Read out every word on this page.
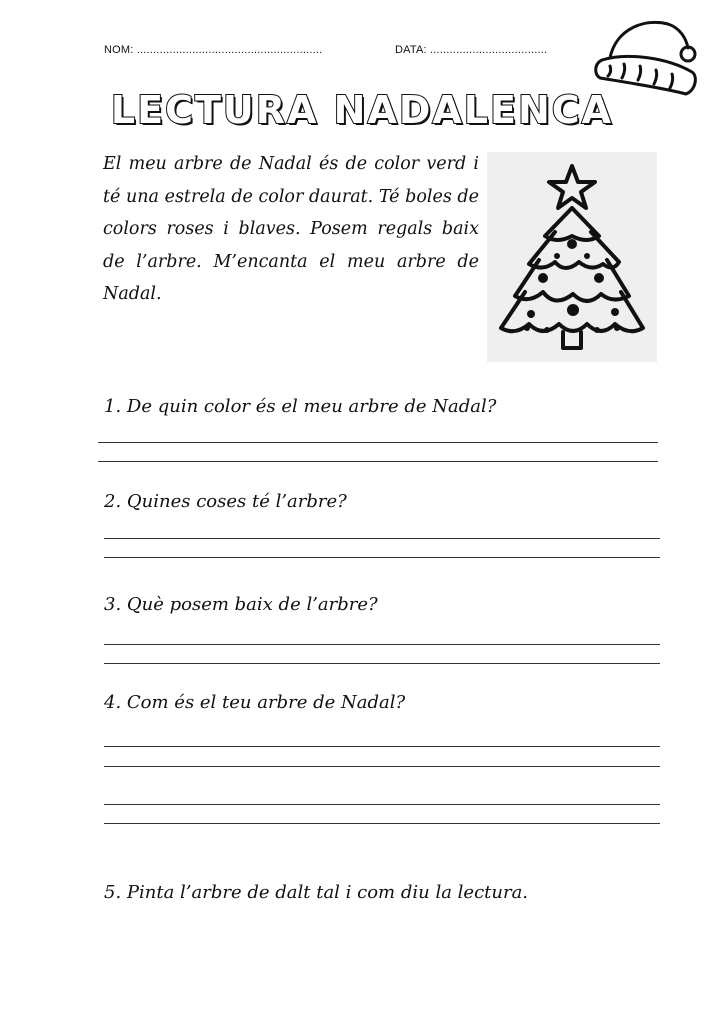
NOM: .........................................................	DATA: ....................................
LECTURA NADALENCA
El meu arbre de Nadal és de color verd i té una estrela de color daurat. Té boles de colors roses i blaves. Posem regals baix de l’arbre. M’encanta el meu arbre de Nadal.
1. De quin color és el meu arbre de Nadal?
2. Quines coses té l’arbre?
3. Què posem baix de l’arbre?
4. Com és el teu arbre de Nadal?
5. Pinta l’arbre de dalt tal i com diu la lectura.
